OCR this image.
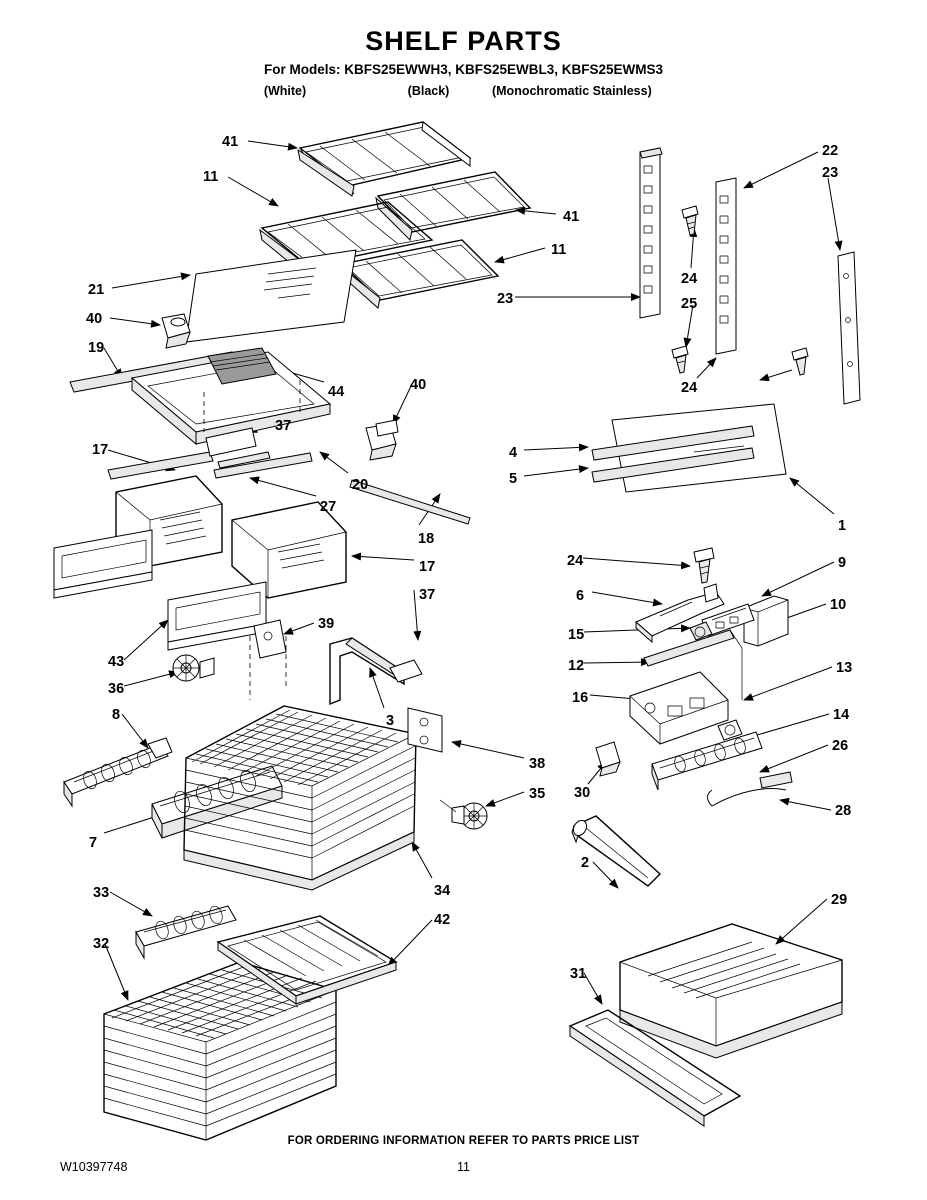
SHELF PARTS
For Models: KBFS25EWWH3, KBFS25EWBL3, KBFS25EWMS3
(White)	(Black)	(Monochromatic Stainless)
41
11
41
11
22
23
21
23
24
25
40
19
44	40	24
37
17	4
5
20
27
1
18
17	24	9
37	6
10
15
39
12	13
43
36
16
14
8	3
26
38
35 30
28
7
34
2
33	29
42
32
31
FOR ORDERING INFORMATION REFER TO PARTS PRICE LIST
W10397748	11
